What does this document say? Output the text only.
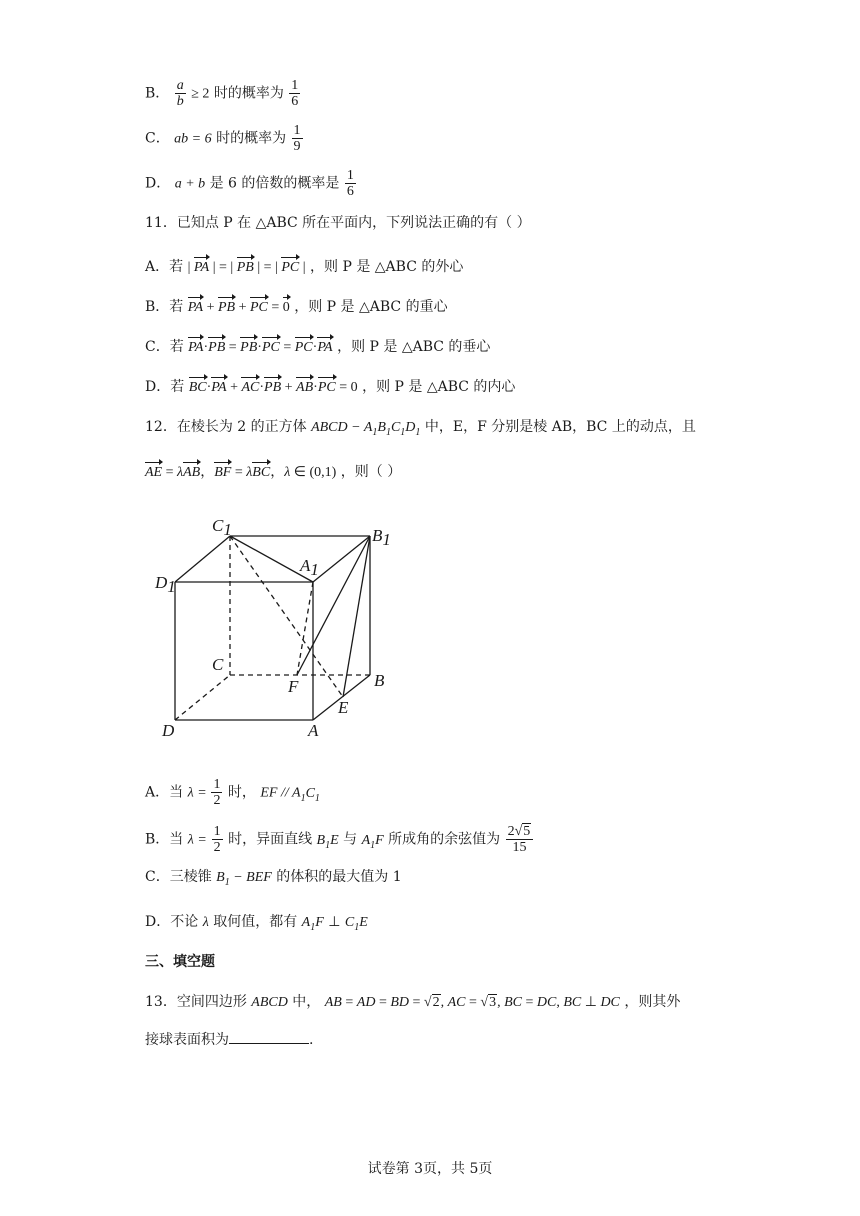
B． $\frac{a}{b} \ge 2$ 时的概率为 $\frac{1}{6}$
C． ab = 6 时的概率为 $\frac{1}{9}$
D． a + b 是 6 的倍数的概率是 $\frac{1}{6}$
11．已知点 P 在 △ABC 所在平面内，下列说法正确的有（ ）
A．若 | PA | = | PB | = | PC | ，则 P 是 △ABC 的外心
B．若 PA + PB + PC = 0 ，则 P 是 △ABC 的重心
C．若 PA·PB = PB·PC = PC·PA ，则 P 是 △ABC 的垂心
D．若 BC·PA + AC·PB + AB·PC = 0 ，则 P 是 △ABC 的内心
12．在棱长为 2 的正方体 ABCD − $A_1B_1C_1D_1$ 中，E，F 分别是棱 AB，BC 上的动点，且
AE = λAB，BF = λBC，λ ∈ (0,1) ，则（ ）
C1	B1
A1
D1
C
F	B
E
D	A
A．当 $\lambda = \frac{1}{2}$ 时， EF // $A_1C_1$
B．当 $\lambda = \frac{1}{2}$ 时，异面直线 $B_1E$ 与 $A_1F$ 所成角的余弦值为 $\frac{2√5}{15}$
C．三棱锥 $B_1$ − BEF 的体积的最大值为 1
D．不论 λ 取何值，都有 $A_1F$ ⊥ $C_1E$
三、填空题
13．空间四边形 ABCD 中， AB = AD = BD = √2, AC = √3, BC = DC, BC ⊥ DC ，则其外
接球表面积为	.
试卷第 3页，共 5页
